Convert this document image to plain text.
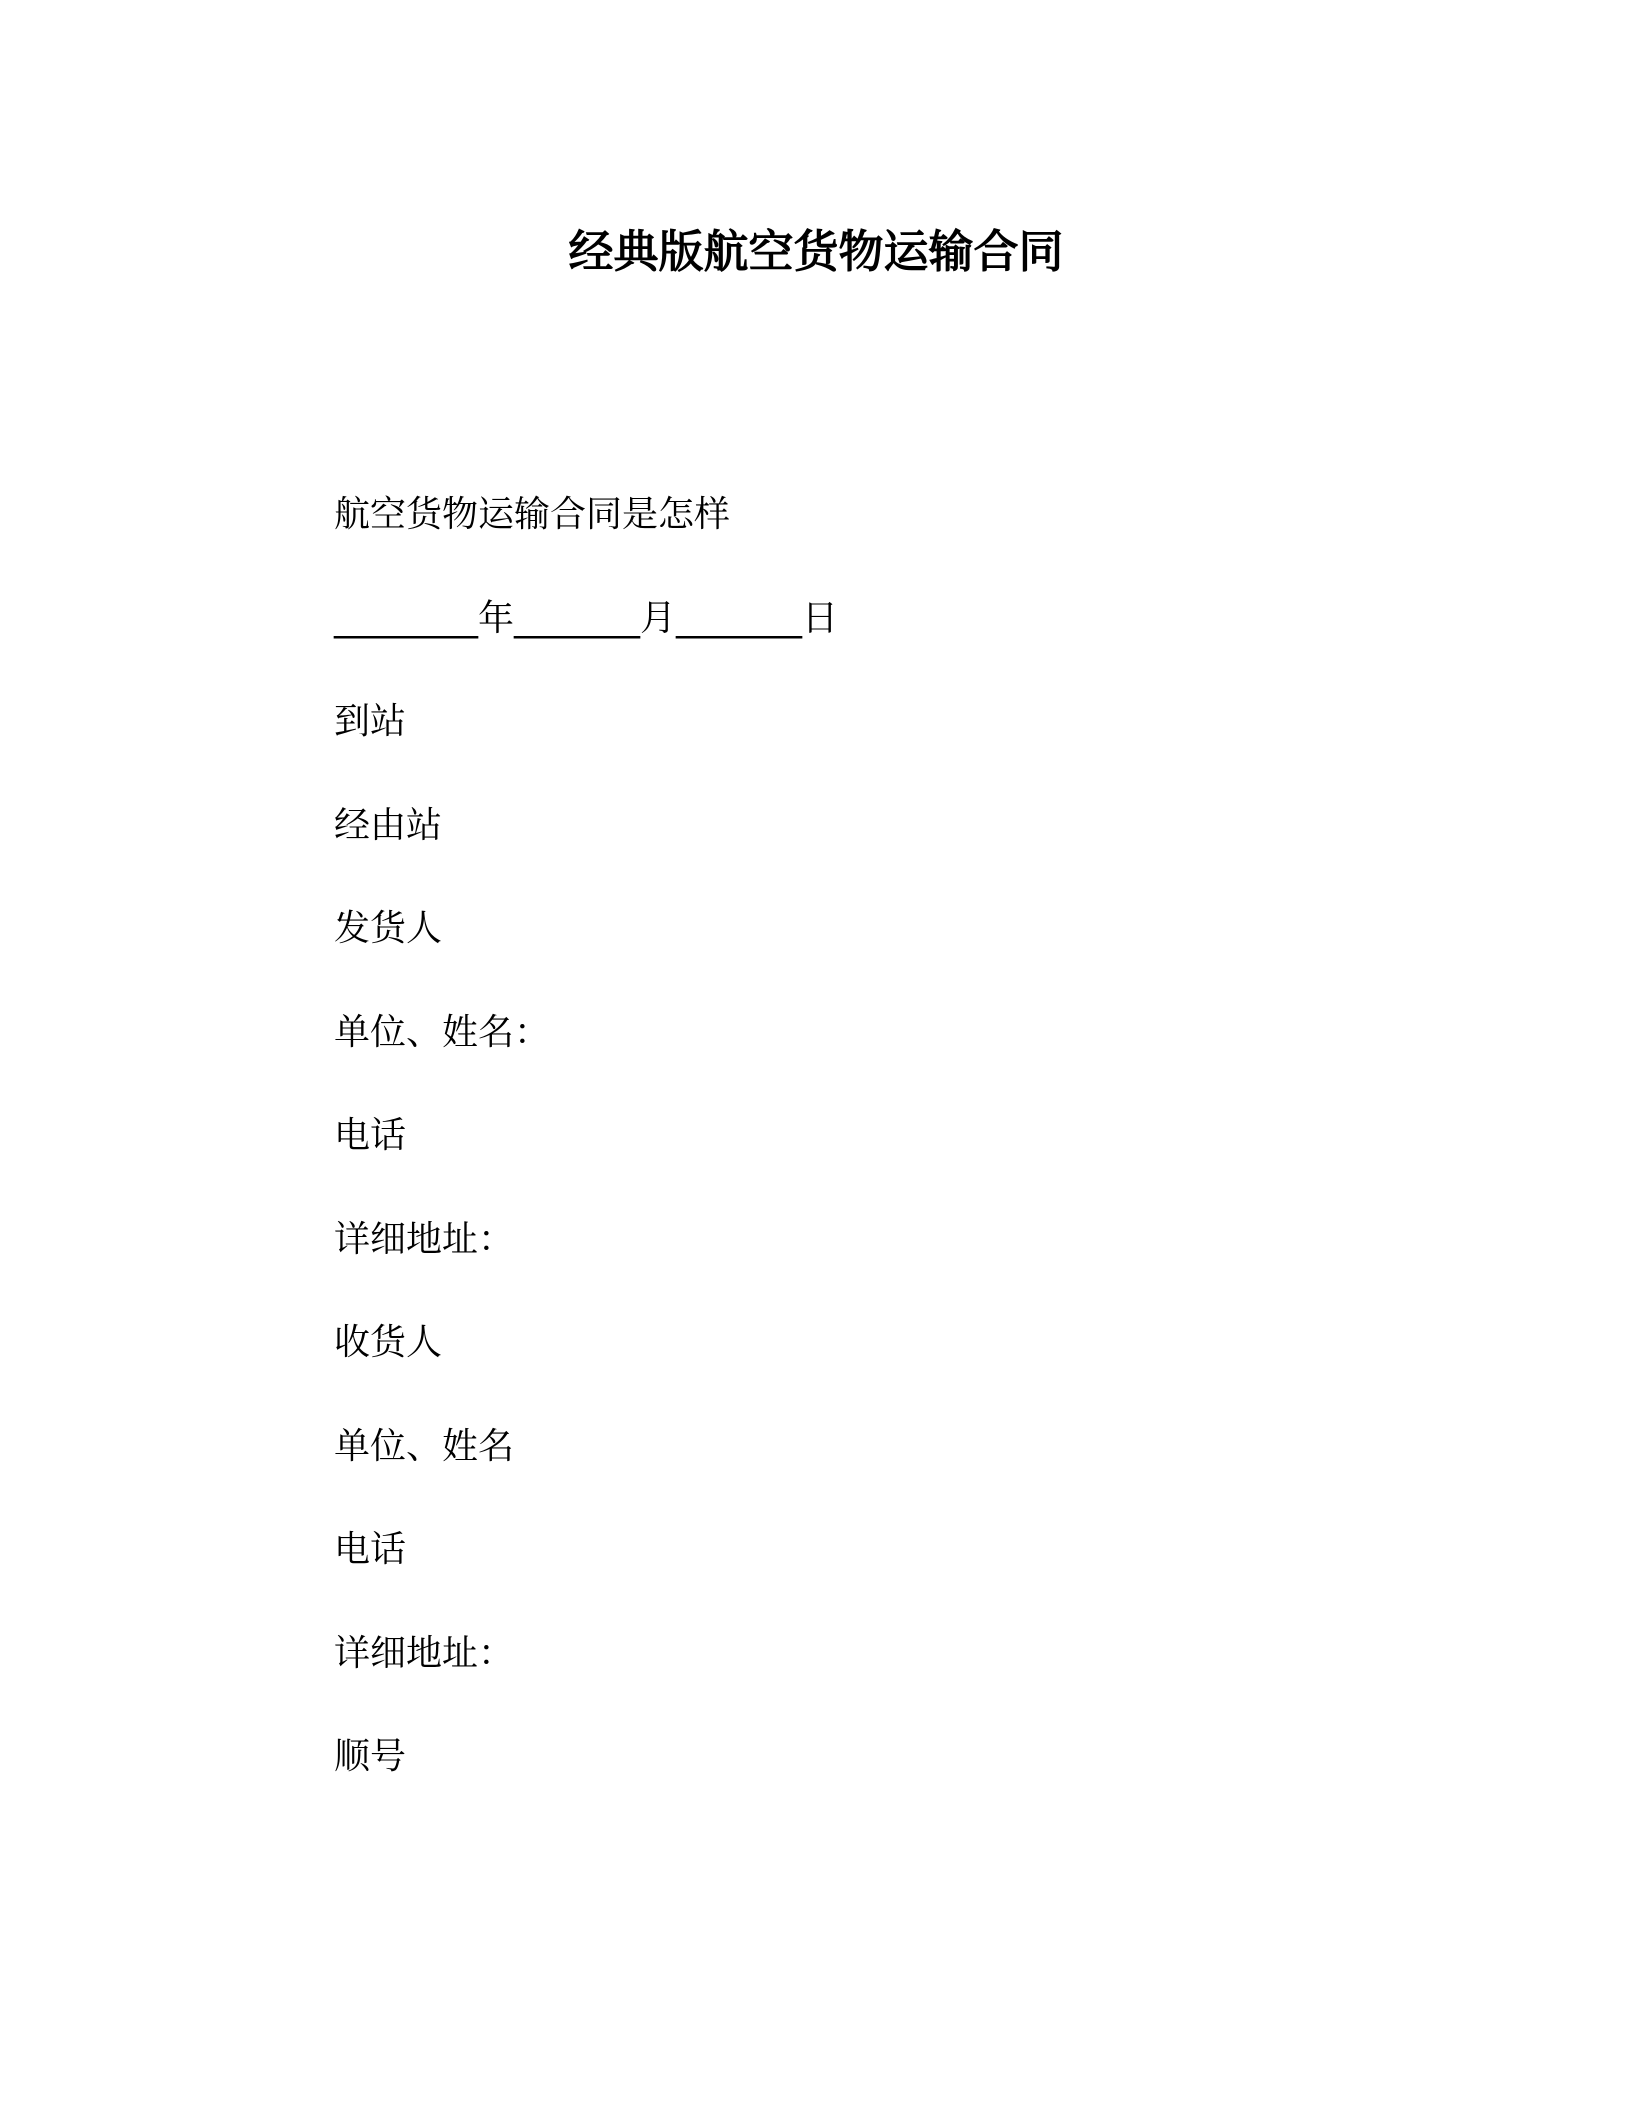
经典版航空货物运输合同
航空货物运输合同是怎样
________年_______月_______日
到站
经由站
发货人
单位、姓名：
电话
详细地址：
收货人
单位、姓名
电话
详细地址：
顺号
